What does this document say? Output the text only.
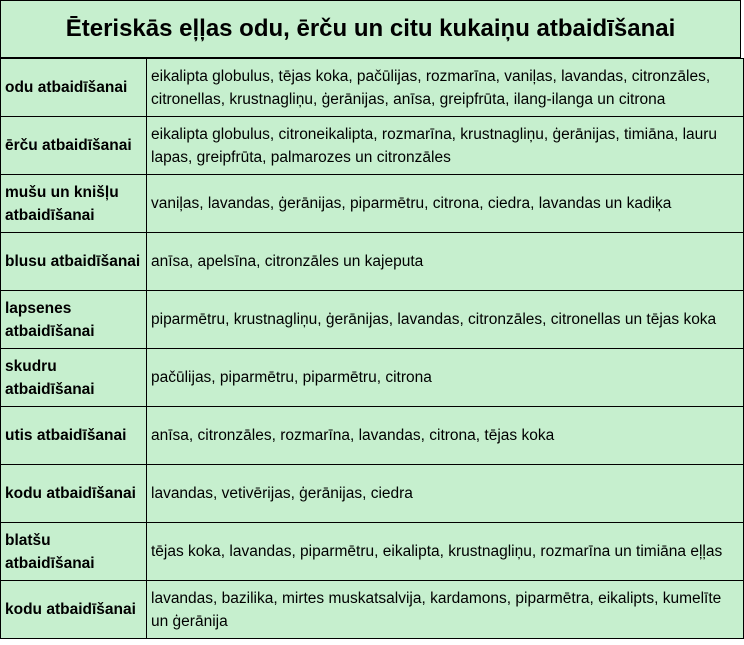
Ēteriskās eļļas odu, ērču un citu kukaiņu atbaidīšanai
odu atbaidīšanai	eikalipta globulus, tējas koka, pačūlijas, rozmarīna, vaniļas, lavandas, citronzāles, citronellas, krustnagliņu, ģerānijas, anīsa, greipfrūta, ilang-ilanga un citrona
ērču atbaidīšanai	eikalipta globulus, citroneikalipta, rozmarīna, krustnagliņu, ģerānijas, timiāna, lauru lapas, greipfrūta, palmarozes un citronzāles
mušu un knišļu atbaidīšanai	vaniļas, lavandas, ģerānijas, piparmētru, citrona, ciedra, lavandas un kadiķa
blusu atbaidīšanai	anīsa, apelsīna, citronzāles un kajeputa
lapsenes atbaidīšanai	piparmētru, krustnagliņu, ģerānijas, lavandas, citronzāles, citronellas un tējas koka
skudru atbaidīšanai	pačūlijas, piparmētru, piparmētru, citrona
utis atbaidīšanai	anīsa, citronzāles, rozmarīna, lavandas, citrona, tējas koka
kodu atbaidīšanai	lavandas, vetivērijas, ģerānijas, ciedra
blatšu atbaidīšanai	tējas koka, lavandas, piparmētru, eikalipta, krustnagliņu, rozmarīna un timiāna eļļas
kodu atbaidīšanai	lavandas, bazilika, mirtes muskatsalvija, kardamons, piparmētra, eikalipts, kumelīte un ģerānija
